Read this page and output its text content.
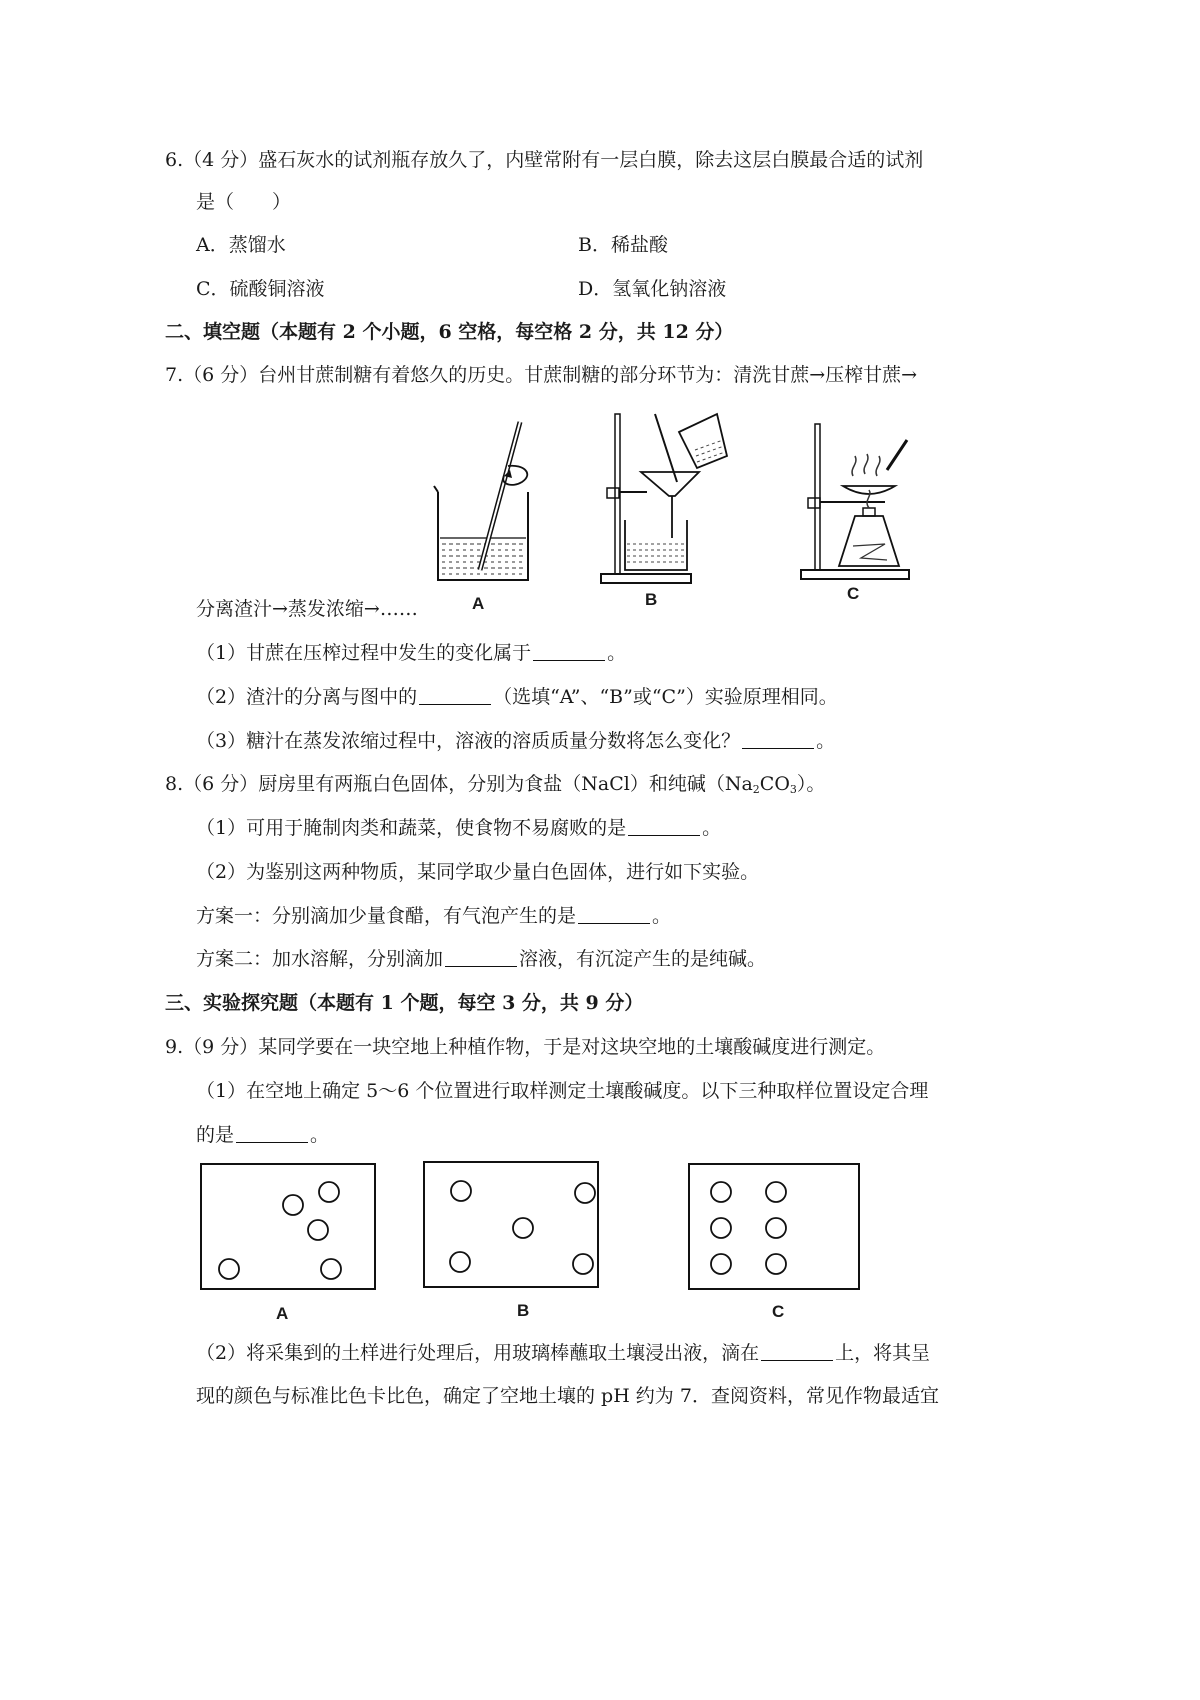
6.（4 分）盛石灰水的试剂瓶存放久了，内壁常附有一层白膜，除去这层白膜最合适的试剂
是（　　）
A．蒸馏水	B．稀盐酸
C．硫酸铜溶液	D．氢氧化钠溶液
二、填空题（本题有 2 个小题，6 空格，每空格 2 分，共 12 分）
7.（6 分）台州甘蔗制糖有着悠久的历史。甘蔗制糖的部分环节为：清洗甘蔗→压榨甘蔗→
A	B	C
分离渣汁→蒸发浓缩→……
（1）甘蔗在压榨过程中发生的变化属于	。
（2）渣汁的分离与图中的	（选填“A”、“B”或“C”）实验原理相同。
（3）糖汁在蒸发浓缩过程中，溶液的溶质质量分数将怎么变化？	。
8.（6 分）厨房里有两瓶白色固体，分别为食盐（NaCl）和纯碱$(Na_2CO_3)$。
（1）可用于腌制肉类和蔬菜，使食物不易腐败的是	。
（2）为鉴别这两种物质，某同学取少量白色固体，进行如下实验。
方案一：分别滴加少量食醋，有气泡产生的是	。
方案二：加水溶解，分别滴加	溶液，有沉淀产生的是纯碱。
三、实验探究题（本题有 1 个题，每空 3 分，共 9 分）
9.（9 分）某同学要在一块空地上种植作物，于是对这块空地的土壤酸碱度进行测定。
（1）在空地上确定 5～6 个位置进行取样测定土壤酸碱度。以下三种取样位置设定合理
的是	。
A	B	C
（2）将采集到的土样进行处理后，用玻璃棒蘸取土壤浸出液，滴在	上，将其呈
现的颜色与标准比色卡比色，确定了空地土壤的 pH 约为 7．查阅资料，常见作物最适宜
